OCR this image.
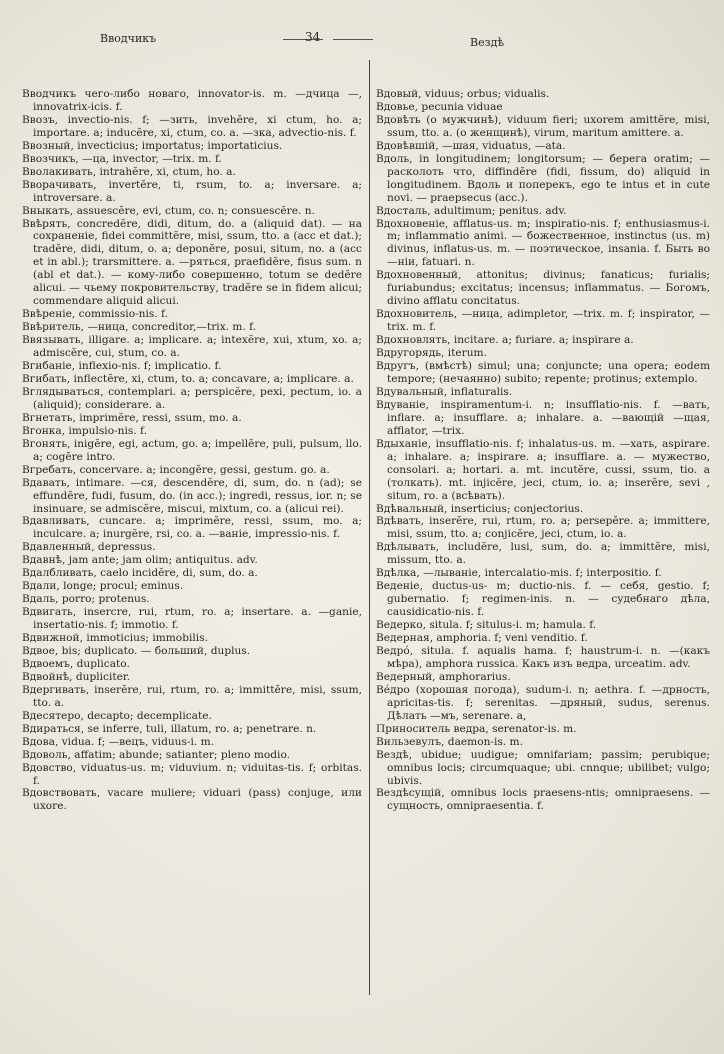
Вводчикъ	34	Вездѣ

Вводчикъ чего-либо новаго, innovator-is. m. —дчица —, innovatrix-icis. f.

Ввозъ, invectio-nis. f; —зить, invehĕre, xi ctum, ho. a; importare. a; inducĕre, xi, ctum, co. a. —зка, advectio-nis. f.

Ввозный, invecticius; importatus; importaticius.

Ввозчикъ, —ца, invector, —trix. m. f.

Вволакивать, intrahĕre, xi, ctum, ho. a.

Вворачивать, invertĕre, ti, rsum, to. a; inversare. a; introversare. a.

Вныкать, assuescĕre, evi, ctum, co. n; consuescĕre. n.

Ввѣрять, concredĕre, didi, ditum, do. a (aliquid dat). — на сохраненіе, fidei committĕre, misi, ssum, tto. a (acc et dat.); tradĕre, didi, ditum, o. a; deponĕre, posui, situm, no. a (acc et in abl.); trarsmittere. a. —ряться, praefidĕre, fisus sum. n (abl et dat.). — кому-либо совершенно, totum se dedĕre alicui. — чьему покровительству, tradĕre se in fidem alicui; commendare aliquid alicui.

Ввѣреніе, commissio-nis. f.

Ввѣритель, —ница, concreditor,—trix. m. f.

Ввязывать, illigare. a; implicare. a; intexĕre, xui, xtum, xo. a; admiscĕre, cui, stum, co. a.

Вгибаніе, inflexio-nis. f; implicatio. f.

Вгибать, inflectĕre, xi, ctum, to. a; concavare, a; implicare. a.

Вглядываться, contemplari. a; perspicĕre, pexi, pectum, io. a (aliquid); considerare. a.

Вгнетать, imprimĕre, ressi, ssum, mo. a.

Вгонка, impulsio-nis. f.

Вгонять, inigĕre, egi, actum, go. a; impellĕre, puli, pulsum, llo. a; cogĕre intro.

Вгребать, concervare. a; incongĕre, gessi, gestum. go. a.

Вдавать, intimare. —ся, descendĕre, di, sum, do. n (ad); se effundĕre, fudi, fusum, do. (in acc.); ingredi, ressus, ior. n; se insinuare, se admiscĕre, miscui, mixtum, co. a (alicui rei).

Вдавливать, cuncare. a; imprimĕre, ressi, ssum, mo. a; inculcare. a; inurgĕre, rsi, co. a. —ваніе, impressio-nis. f.

Вдавленный, depressus.

Вдавнѣ, jam ante; jam olim; antiquitus. adv.

Вдалбливать, caelo incidĕre, di, sum, do. a.

Вдали, longe; procul; eminus.

Вдаль, porro; protenus.

Вдвигать, insercre, rui, rtum, ro. a; insertare. a. —ganie, insertatio-nis. f; immotio. f.

Вдвижной, immoticius; immobilis.

Вдвое, bis; duplicato. — больший, duplus.

Вдвоемъ, duplicato.

Вдвойнѣ, dupliciter.

Вдергивать, inserĕre, rui, rtum, ro. a; immittĕre, misi, ssum, tto. a.

Вдесятеро, decapto; decemplicate.

Вдираться, se inferre, tuli, illatum, ro. a; penetrare. n.

Вдова, vidua. f; —вецъ, viduus-i. m.

Вдоволь, affatim; abunde; satianter; pleno modio.

Вдовство, viduatus-us. m; viduvium. n; viduitas-tis. f; orbitas. f.

Вдовствовать, vacare muliere; viduari (pass) conjuge, или uxore.

Вдовый, viduus; orbus; vidualis.

Вдовье, pecunia viduae

Вдовѣть (о мужчинѣ), viduum fieri; uxorem amittĕre, misi, ssum, tto. a. (о женщинѣ), virum, maritum amittere. a.

Вдовѣвшій, —шая, viduatus, —ata.

Вдоль, in longitudinem; longitorsum; — берега oratim; — расколоть что, diffindĕre (fidi, fissum, do) aliquid in longitudinem. Вдоль и поперекъ, ego te intus et in cute novi. — praepsecus (acc.).

Вдосталь, adultimum; penitus. adv.

Вдохновеніе, afflatus-us. m; inspiratio-nis. f; enthusiasmus-i. m; inflammatio animi. — божественное, instinctus (us. m) divinus, inflatus-us. m. — поэтическое, insania. f. Быть во —ніи, fatuari. n.

Вдохновенный, attonitus; divinus; fanaticus; furialis; furiabundus; excitatus; incensus; inflammatus. — Богомъ, divino afflatu concitatus.

Вдохновитель, —ница, adimpletor, —trix. m. f; inspirator, — trix. m. f.

Вдохновлять, incitare. a; furiare. a; inspirare a.

Вдругорядь, iterum.

Вдругъ, (вмѣстѣ) simul; una; conjuncte; una opera; eodem tempore; (нечаянно) subito; repente; protinus; extemplo.

Вдувальный, inflaturalis.

Вдуваніе, inspiramentum-i. n; insufflatio-nis. f. —вать, inflare. a; insufflare. a; inhalare. a. —вающій —щая, afflator, —trix.

Вдыханіе, insufflatio-nis. f; inhalatus-us. m. —хать, aspirare. a; inhalare. a; inspirare. a; insufflare. a. — мужество, consolari. a; hortari. a. mt. incutĕre, cussi, ssum, tio. a (толкать). mt. injicĕre, jeci, ctum, io. a; inserĕre, sevi , situm, ro. a (всѣвать).

Вдѣвальный, inserticius; conjectorius.

Вдѣвать, inserĕre, rui, rtum, ro. a; persepĕre. a; immittere, misi, ssum, tto. a; conjicĕre, jeci, ctum, io. a.

Вдѣлывать, includĕre, lusi, sum, do. a; immittĕre, misi, missum, tto. a.

Вдѣлка, —лываніе, intercalatio-mis. f; interpositio. f.

Веденіе, ductus-us- m; ductio-nis. f. — себя, gestio. f; gubernatio. f; regimen-inis. n. — судебнаго дѣла, causidicatio-nis. f.

Ведерко, situla. f; situlus-i. m; hamula. f.

Ведерная, amphoria. f; veni venditio. f.

Ведрó, situla. f. aqualis hama. f; haustrum-i. n. —(какъ мѣра), amphora russica. Какъ изъ ведра, urceatim. adv.

Ведерный, amphorarius.

Вéдро (хорошая погода), sudum-i. n; aethra. f. —дрность, apricitas-tis. f; serenitas. —дряный, sudus, serenus. Дѣлать —мъ, serenare. a,

Приноситель ведра, serenator-is. m.

Вильзевулъ, daemon-is. m.

Вездѣ, ubidue; uudigue; omnifariam; passim; perubique; omnibus locis; circumquaque; ubi. cnnque; ubilibet; vulgo; ubivis.

Вездѣсущій, omnibus locis praesens-ntis; omnipraesens. —сущность, omnipraesentia. f.
